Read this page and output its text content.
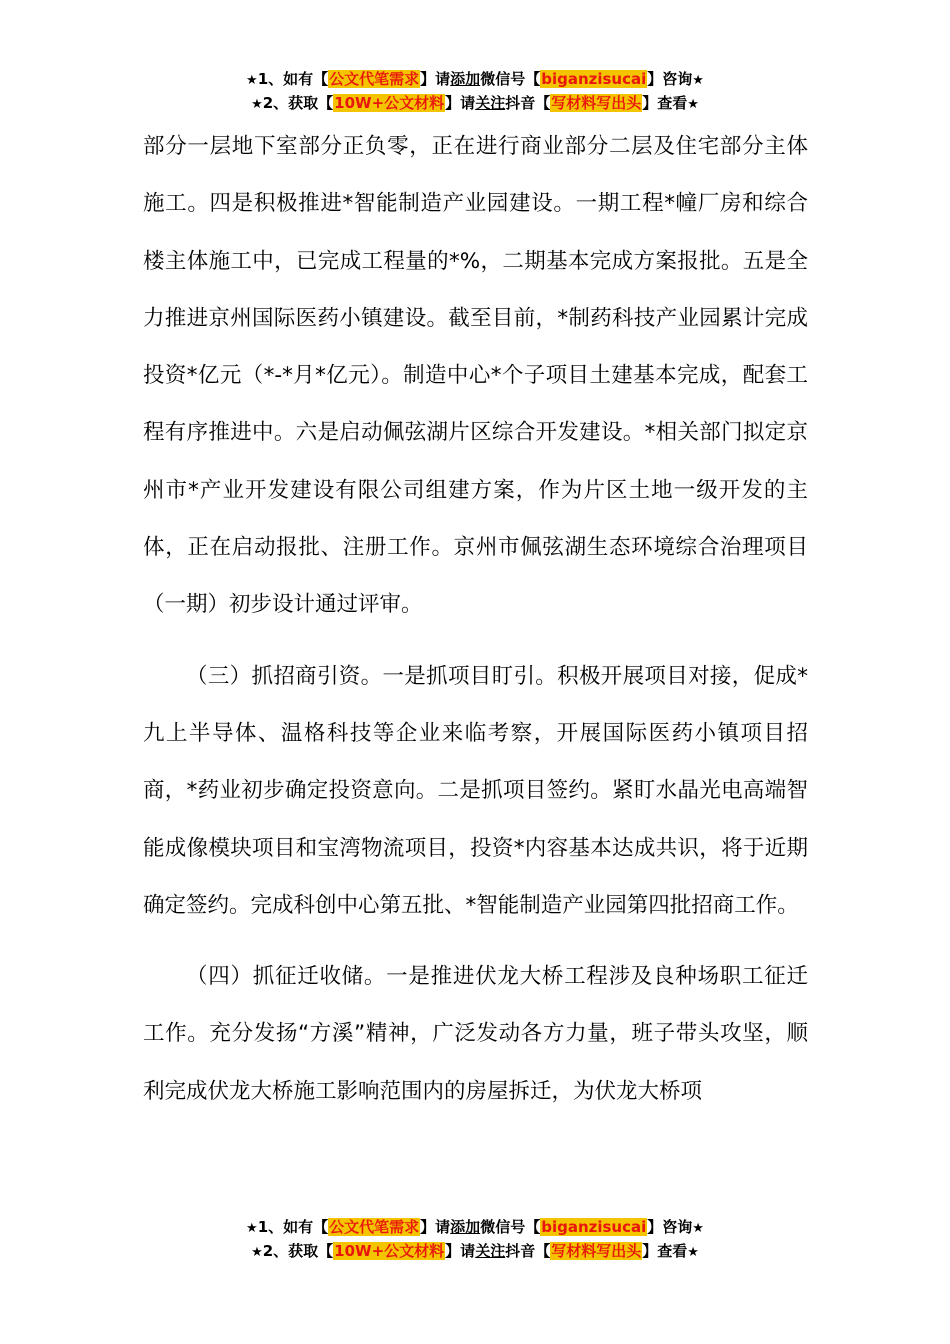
★1、如有【公文代笔需求】请添加微信号【biganzisucai】咨询★
★2、获取【10W+公文材料】请关注抖音【写材料写出头】查看★

部分一层地下室部分正负零，正在进行商业部分二层及住宅部分主体施工。四是积极推进*智能制造产业园建设。一期工程*幢厂房和综合楼主体施工中，已完成工程量的*%，二期基本完成方案报批。五是全力推进京州国际医药小镇建设。截至目前，*制药科技产业园累计完成投资*亿元（*-*月*亿元）。制造中心*个子项目土建基本完成，配套工程有序推进中。六是启动佩弦湖片区综合开发建设。*相关部门拟定京州市*产业开发建设有限公司组建方案，作为片区土地一级开发的主体，正在启动报批、注册工作。京州市佩弦湖生态环境综合治理项目（一期）初步设计通过评审。

（三）抓招商引资。一是抓项目盯引。积极开展项目对接，促成*九上半导体、温格科技等企业来临考察，开展国际医药小镇项目招商，*药业初步确定投资意向。二是抓项目签约。紧盯水晶光电高端智能成像模块项目和宝湾物流项目，投资*内容基本达成共识，将于近期确定签约。完成科创中心第五批、*智能制造产业园第四批招商工作。

（四）抓征迁收储。一是推进伏龙大桥工程涉及良种场职工征迁工作。充分发扬“方溪”精神，广泛发动各方力量，班子带头攻坚，顺利完成伏龙大桥施工影响范围内的房屋拆迁，为伏龙大桥项

★1、如有【公文代笔需求】请添加微信号【biganzisucai】咨询★
★2、获取【10W+公文材料】请关注抖音【写材料写出头】查看★
